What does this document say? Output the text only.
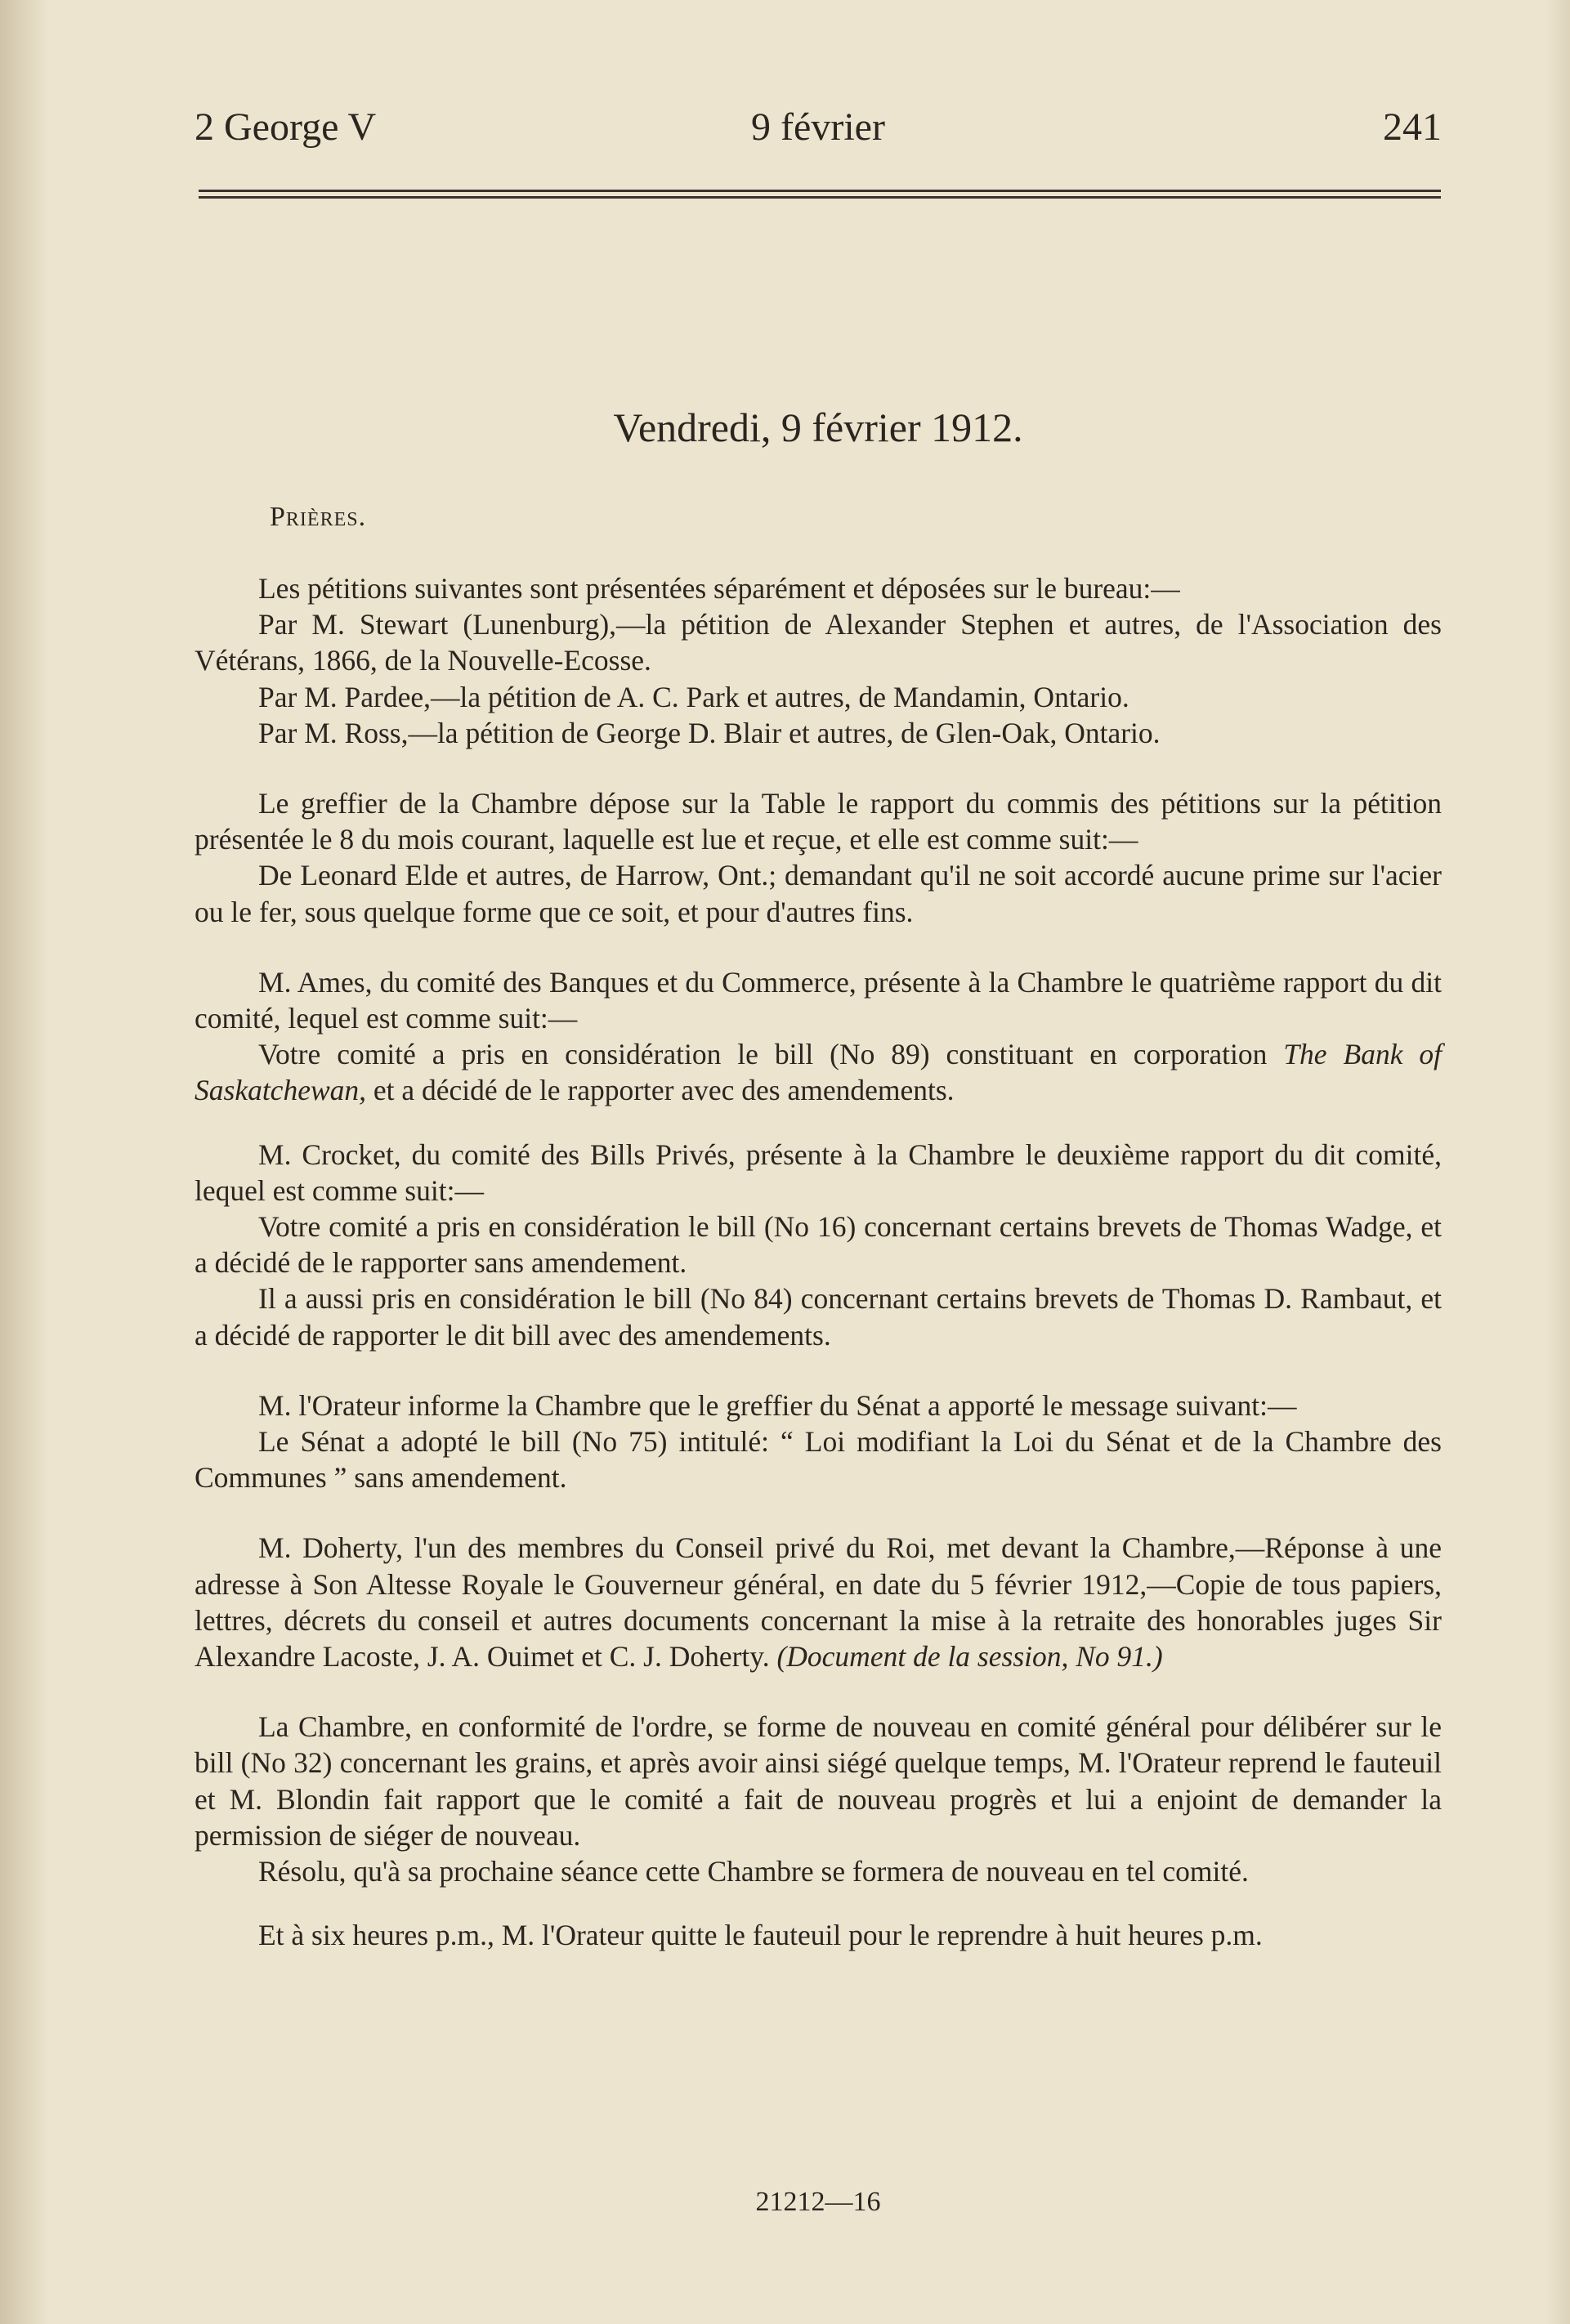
2 George V	9 février	241
Vendredi, 9 février 1912.
Prières.

Les pétitions suivantes sont présentées séparément et déposées sur le bureau:—

Par M. Stewart (Lunenburg),—la pétition de Alexander Stephen et autres, de l'Association des Vétérans, 1866, de la Nouvelle-Ecosse.

Par M. Pardee,—la pétition de A. C. Park et autres, de Mandamin, Ontario.

Par M. Ross,—la pétition de George D. Blair et autres, de Glen-Oak, Ontario.

Le greffier de la Chambre dépose sur la Table le rapport du commis des pétitions sur la pétition présentée le 8 du mois courant, laquelle est lue et reçue, et elle est comme suit:—

De Leonard Elde et autres, de Harrow, Ont.; demandant qu'il ne soit accordé aucune prime sur l'acier ou le fer, sous quelque forme que ce soit, et pour d'autres fins.

M. Ames, du comité des Banques et du Commerce, présente à la Chambre le quatrième rapport du dit comité, lequel est comme suit:—

Votre comité a pris en considération le bill (No 89) constituant en corporation The Bank of Saskatchewan, et a décidé de le rapporter avec des amendements.

M. Crocket, du comité des Bills Privés, présente à la Chambre le deuxième rapport du dit comité, lequel est comme suit:—

Votre comité a pris en considération le bill (No 16) concernant certains brevets de Thomas Wadge, et a décidé de le rapporter sans amendement.

Il a aussi pris en considération le bill (No 84) concernant certains brevets de Thomas D. Rambaut, et a décidé de rapporter le dit bill avec des amendements.

M. l'Orateur informe la Chambre que le greffier du Sénat a apporté le message suivant:—

Le Sénat a adopté le bill (No 75) intitulé: “ Loi modifiant la Loi du Sénat et de la Chambre des Communes ” sans amendement.

M. Doherty, l'un des membres du Conseil privé du Roi, met devant la Chambre,—Réponse à une adresse à Son Altesse Royale le Gouverneur général, en date du 5 février 1912,—Copie de tous papiers, lettres, décrets du conseil et autres documents concernant la mise à la retraite des honorables juges Sir Alexandre Lacoste, J. A. Ouimet et C. J. Doherty. (Document de la session, No 91.)

La Chambre, en conformité de l'ordre, se forme de nouveau en comité général pour délibérer sur le bill (No 32) concernant les grains, et après avoir ainsi siégé quelque temps, M. l'Orateur reprend le fauteuil et M. Blondin fait rapport que le comité a fait de nouveau progrès et lui a enjoint de demander la permission de siéger de nouveau.

Résolu, qu'à sa prochaine séance cette Chambre se formera de nouveau en tel comité.

Et à six heures p.m., M. l'Orateur quitte le fauteuil pour le reprendre à huit heures p.m.

21212—16
